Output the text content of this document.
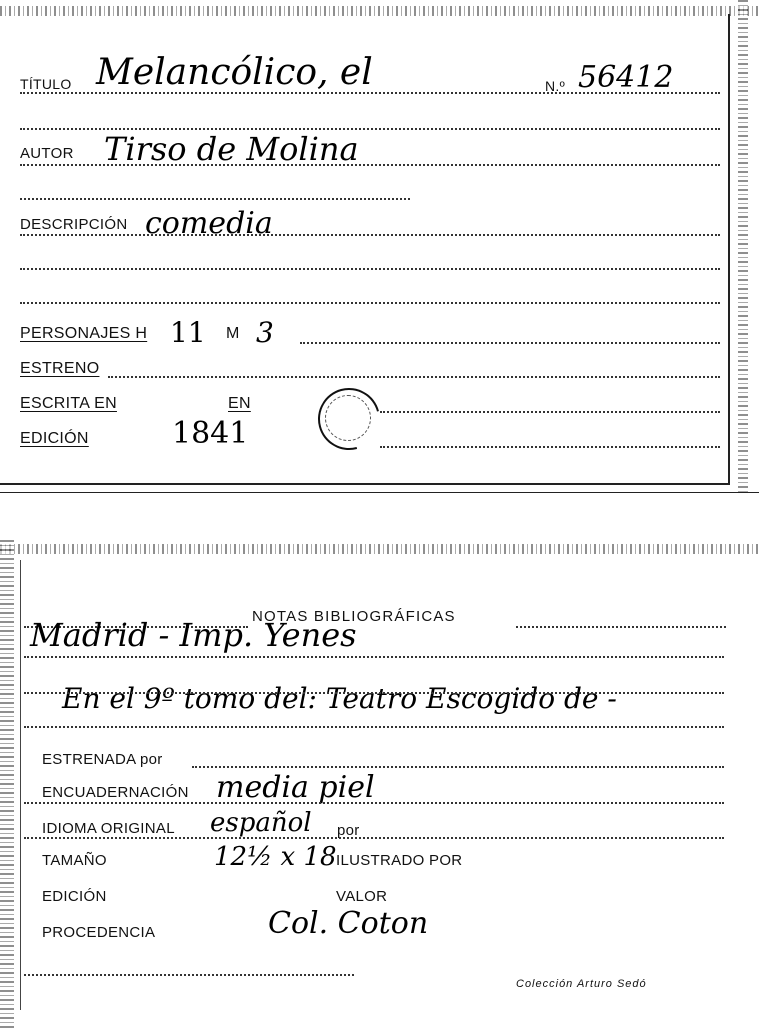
TÍTULO Melancólico, el	N.º 56412
AUTOR Tirso de Molina
DESCRIPCIÓN comedia
PERSONAJES H 11 M 3
ESTRENO
ESCRITA EN	EN
EDICIÓN	1841
NOTAS BIBLIOGRÁFICAS
Madrid - Imp. Yenes
En el 9º tomo del: Teatro Escogido de -
ESTRENADA por
ENCUADERNACIÓN media piel
IDIOMA ORIGINAL español por
TAMAÑO	12½ x 18 ILUSTRADO POR
EDICIÓN	VALOR
PROCEDENCIA	Col. Coton
Colección Arturo Sedó
